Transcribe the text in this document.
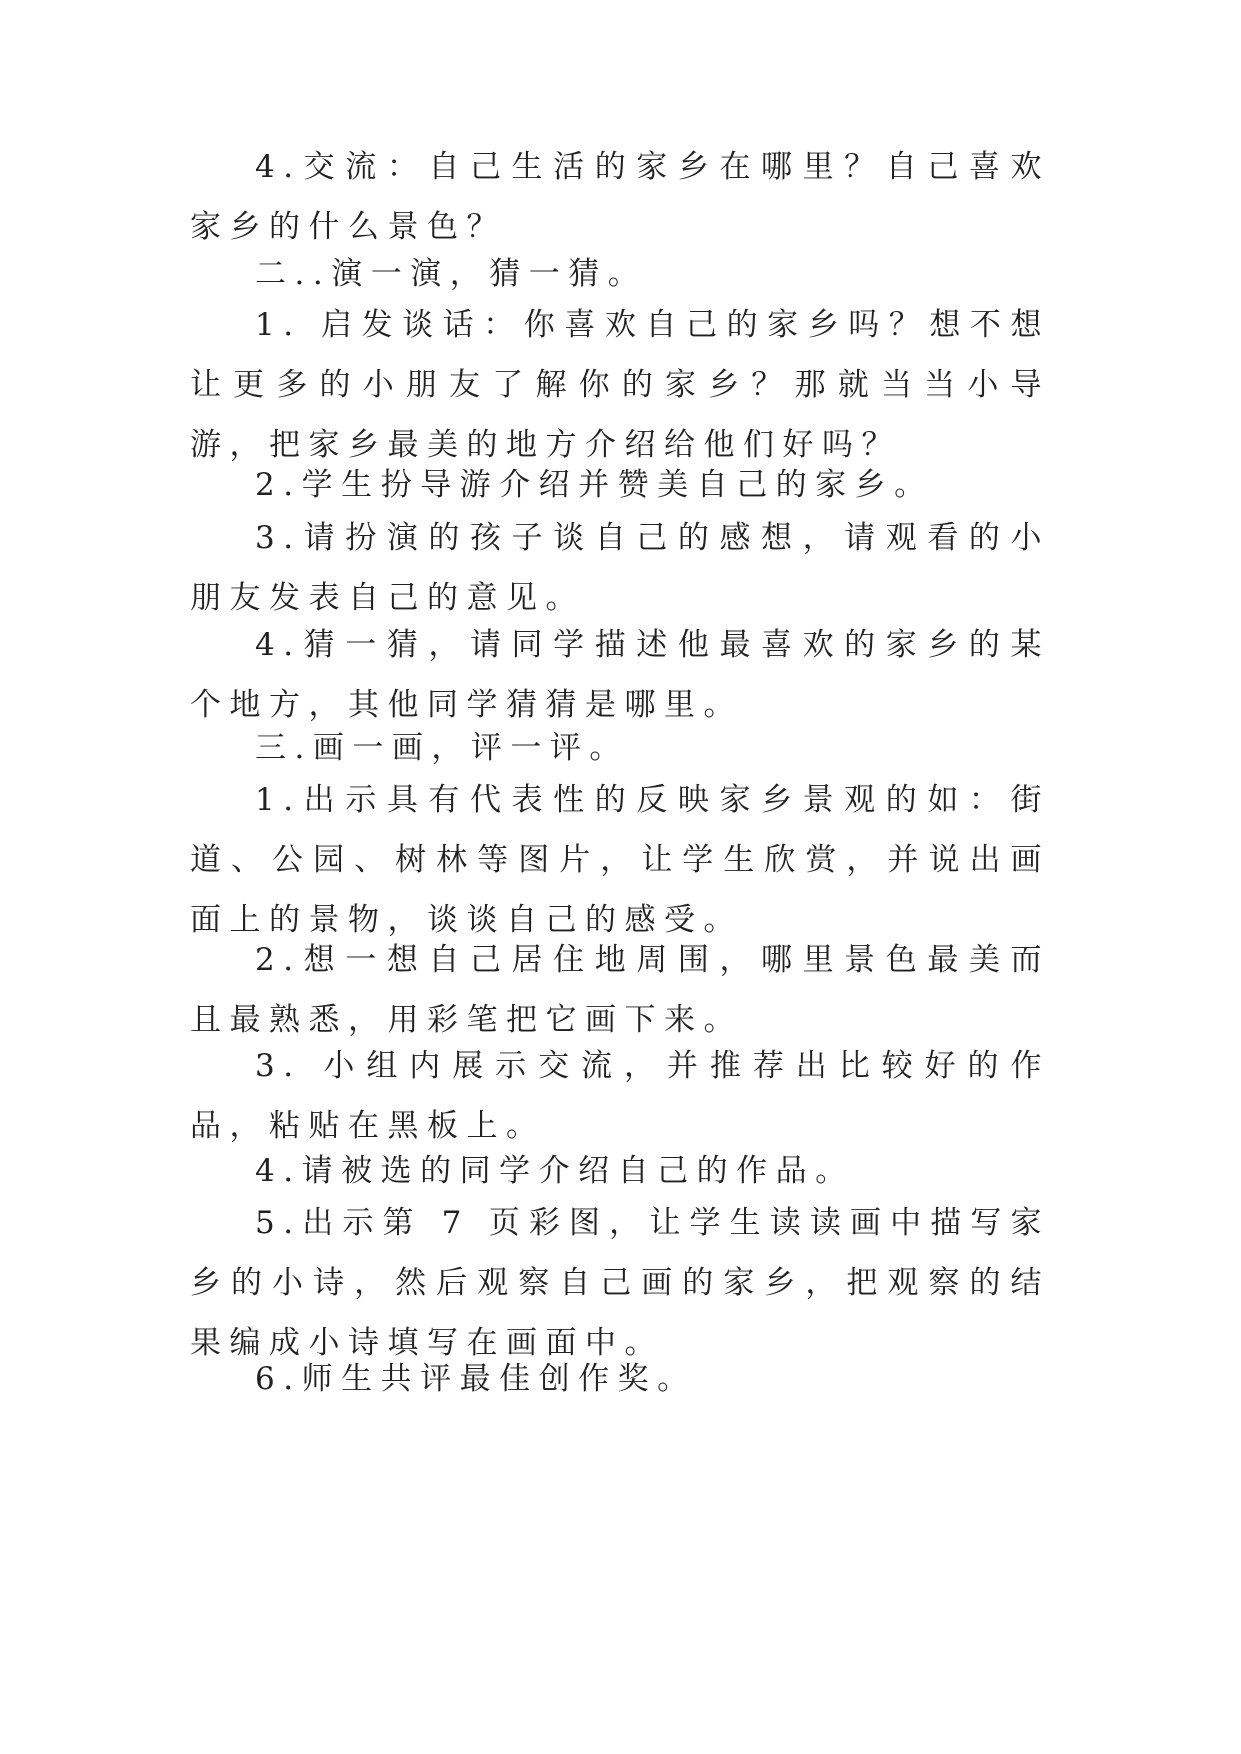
4.交流：自己生活的家乡在哪里？自己喜欢家乡的什么景色？

二..演一演，猜一猜。

1. 启发谈话：你喜欢自己的家乡吗？想不想让更多的小朋友了解你的家乡？那就当当小导游，把家乡最美的地方介绍给他们好吗？

2.学生扮导游介绍并赞美自己的家乡。

3.请扮演的孩子谈自己的感想，请观看的小朋友发表自己的意见。

4.猜一猜，请同学描述他最喜欢的家乡的某个地方，其他同学猜猜是哪里。

三.画一画，评一评。

1.出示具有代表性的反映家乡景观的如：街道、公园、树林等图片，让学生欣赏，并说出画面上的景物，谈谈自己的感受。

2.想一想自己居住地周围，哪里景色最美而且最熟悉，用彩笔把它画下来。

3. 小组内展示交流，并推荐出比较好的作品，粘贴在黑板上。

4.请被选的同学介绍自己的作品。

5.出示第 7 页彩图，让学生读读画中描写家乡的小诗，然后观察自己画的家乡，把观察的结果编成小诗填写在画面中。

6.师生共评最佳创作奖。
